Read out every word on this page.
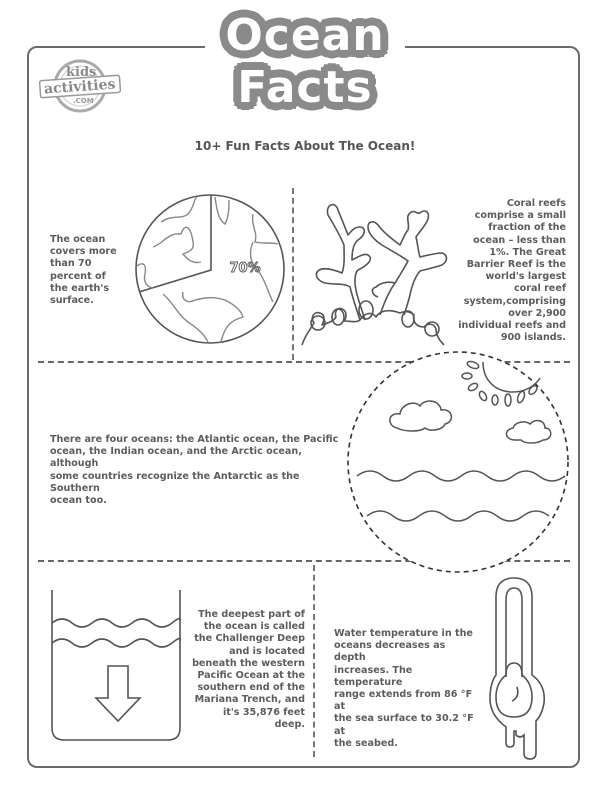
Ocean
Facts
kids
activities
.COM
10+ Fun Facts About The Ocean!
The ocean
covers more
than 70
percent of
the earth's
surface.
70%
Coral reefs
comprise a small
fraction of the
ocean – less than
1%. The Great
Barrier Reef is the
world's largest
coral reef
system,comprising
over 2,900
individual reefs and
900 islands.
There are four oceans: the Atlantic ocean, the Pacific
ocean, the Indian ocean, and the Arctic ocean, although
some countries recognize the Antarctic as the Southern
ocean too.
The deepest part of
the ocean is called
the Challenger Deep
and is located
beneath the western
Pacific Ocean at the
southern end of the
Mariana Trench, and
it's 35,876 feet deep.
Water temperature in the
oceans decreases as depth
increases. The temperature
range extends from 86 °F at
the sea surface to 30.2 °F at
the seabed.
